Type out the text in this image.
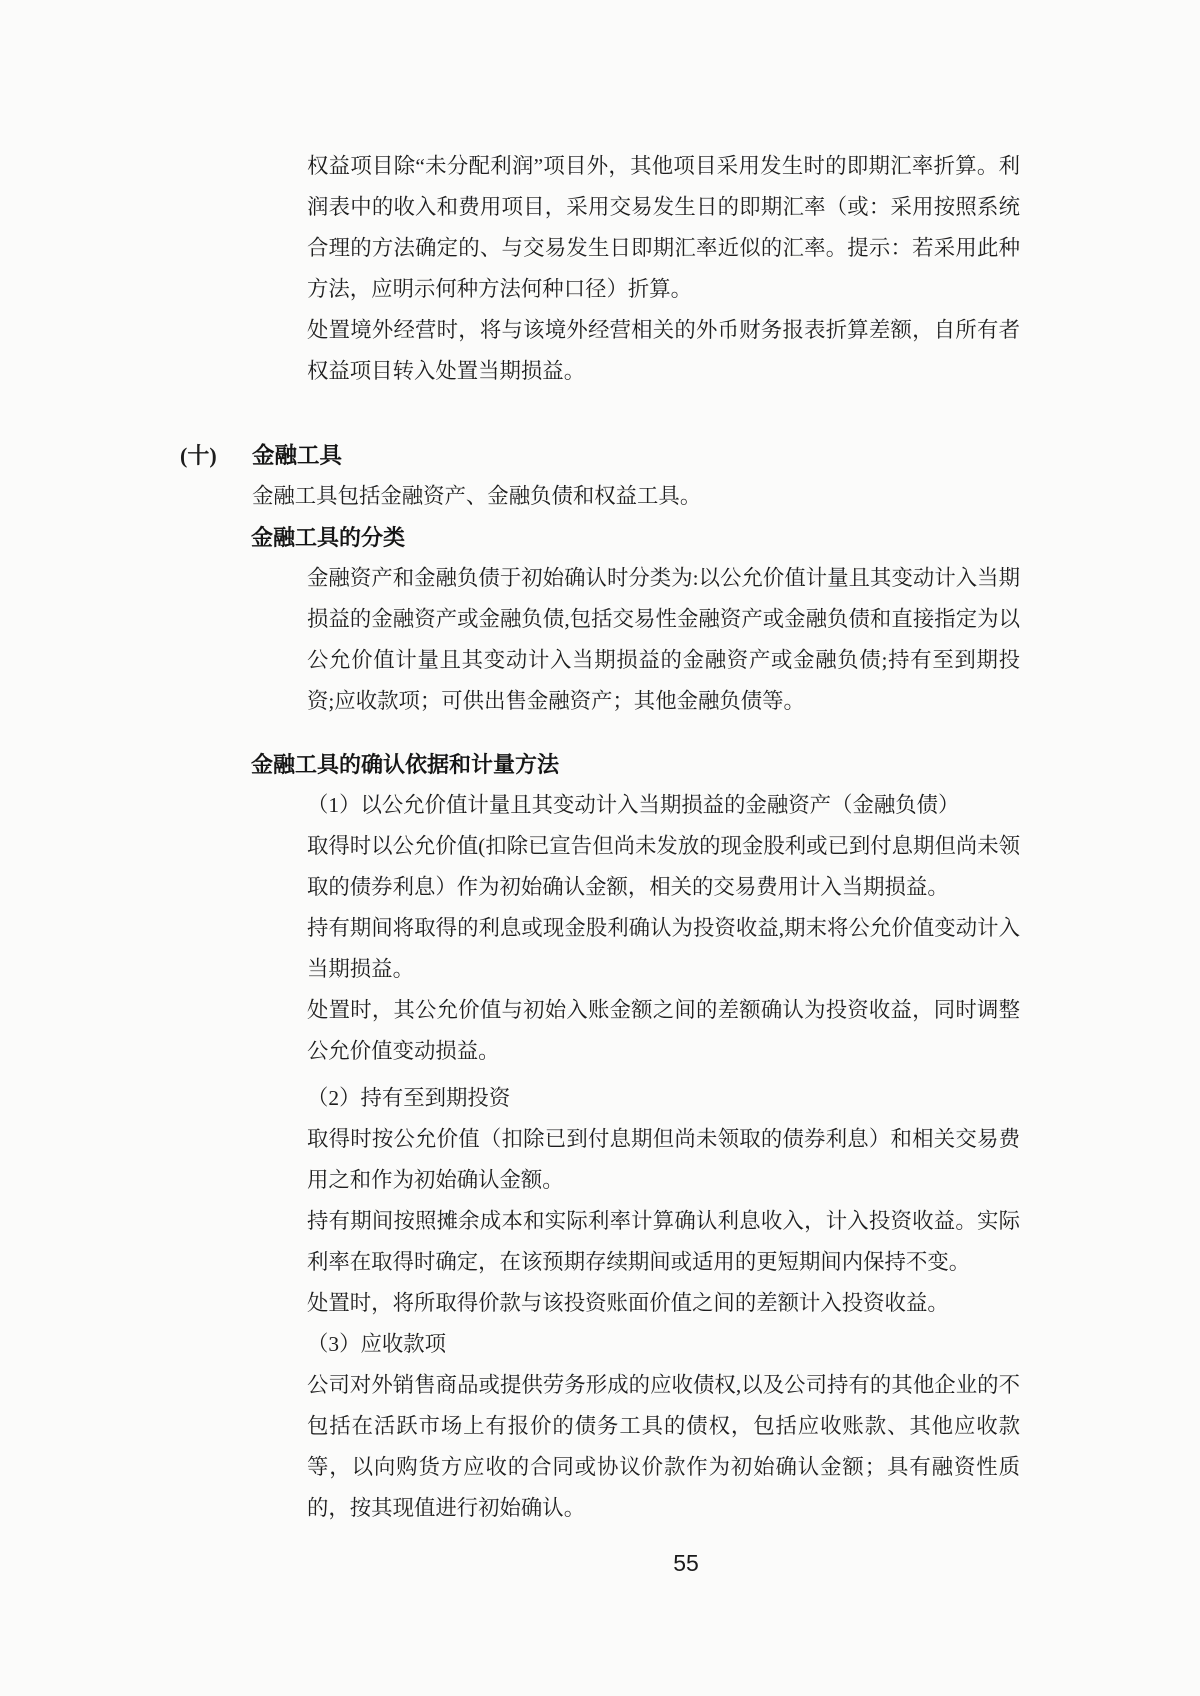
权益项目除“未分配利润”项目外，其他项目采用发生时的即期汇率折算。利润表中的收入和费用项目，采用交易发生日的即期汇率（或：采用按照系统合理的方法确定的、与交易发生日即期汇率近似的汇率。提示：若采用此种方法，应明示何种方法何种口径）折算。

处置境外经营时，将与该境外经营相关的外币财务报表折算差额，自所有者权益项目转入处置当期损益。

(十) 金融工具

金融工具包括金融资产、金融负债和权益工具。

金融工具的分类

金融资产和金融负债于初始确认时分类为:以公允价值计量且其变动计入当期损益的金融资产或金融负债,包括交易性金融资产或金融负债和直接指定为以公允价值计量且其变动计入当期损益的金融资产或金融负债;持有至到期投资;应收款项；可供出售金融资产；其他金融负债等。

金融工具的确认依据和计量方法

（1）以公允价值计量且其变动计入当期损益的金融资产（金融负债）

取得时以公允价值(扣除已宣告但尚未发放的现金股利或已到付息期但尚未领取的债券利息）作为初始确认金额，相关的交易费用计入当期损益。

持有期间将取得的利息或现金股利确认为投资收益,期末将公允价值变动计入当期损益。

处置时，其公允价值与初始入账金额之间的差额确认为投资收益，同时调整公允价值变动损益。

（2）持有至到期投资

取得时按公允价值（扣除已到付息期但尚未领取的债券利息）和相关交易费用之和作为初始确认金额。

持有期间按照摊余成本和实际利率计算确认利息收入，计入投资收益。实际利率在取得时确定，在该预期存续期间或适用的更短期间内保持不变。

处置时，将所取得价款与该投资账面价值之间的差额计入投资收益。

（3）应收款项

公司对外销售商品或提供劳务形成的应收债权,以及公司持有的其他企业的不包括在活跃市场上有报价的债务工具的债权，包括应收账款、其他应收款等，以向购货方应收的合同或协议价款作为初始确认金额；具有融资性质的，按其现值进行初始确认。

55
